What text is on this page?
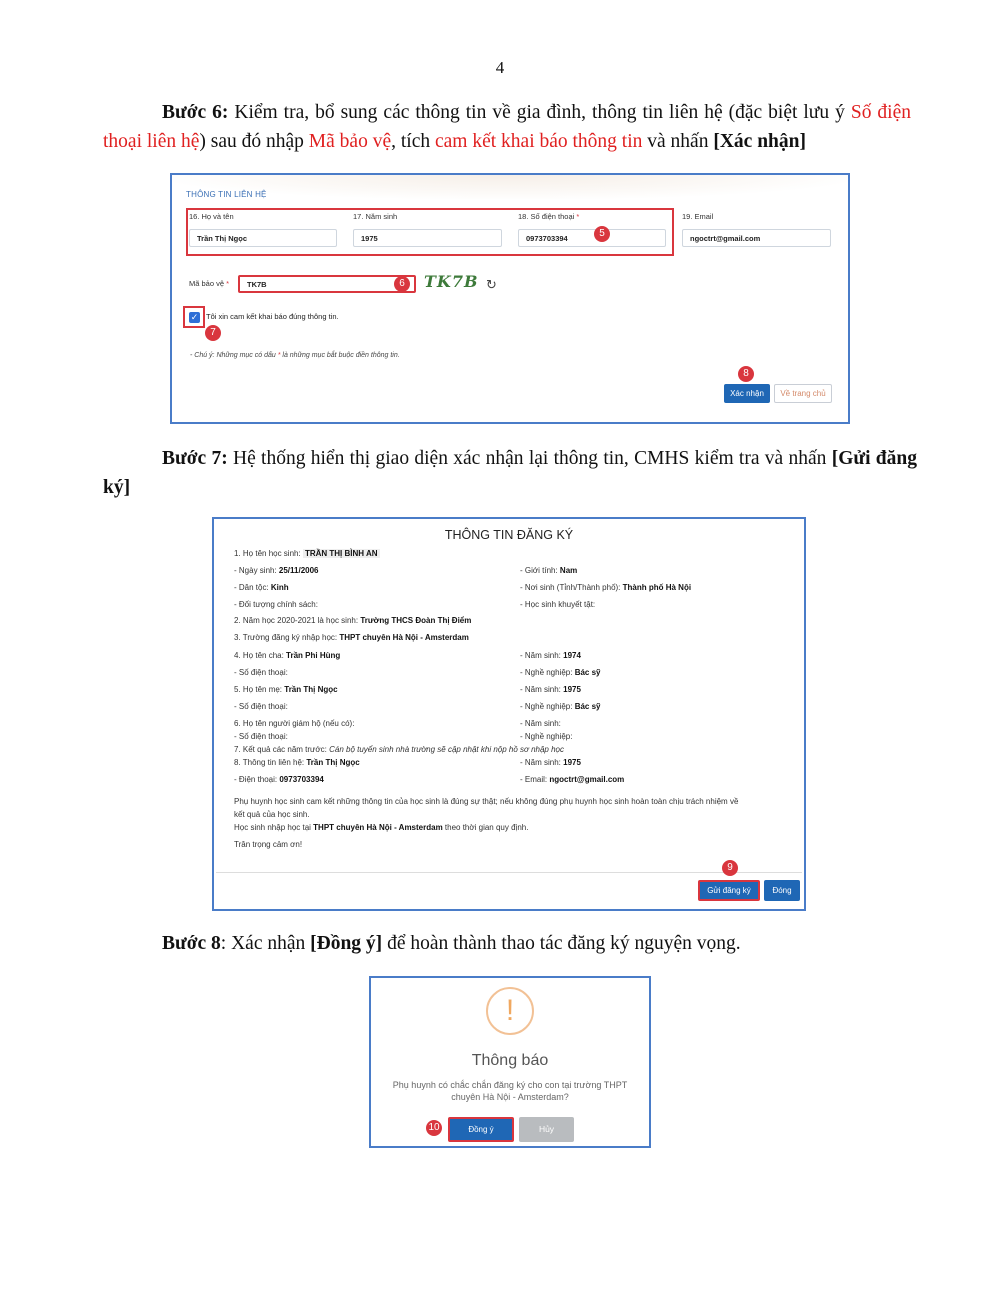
4
Bước 6: Kiểm tra, bổ sung các thông tin về gia đình, thông tin liên hệ (đặc biệt lưu ý Số điện thoại liên hệ) sau đó nhập Mã bảo vệ, tích cam kết khai báo thông tin và nhấn [Xác nhận]
THÔNG TIN LIÊN HỆ
16. Họ và tên
Trần Thị Ngọc
17. Năm sinh
1975
18. Số điện thoại *
0973703394
19. Email
ngoctrt@gmail.com
5
Mã bảo vệ *	TK7B	6	TK7B ↻
✓ Tôi xin cam kết khai báo đúng thông tin.
7
- Chú ý: Những mục có dấu * là những mục bắt buộc điền thông tin.
8
Xác nhận	Về trang chủ
Bước 7: Hệ thống hiển thị giao diện xác nhận lại thông tin, CMHS kiểm tra và nhấn [Gửi đăng ký]
THÔNG TIN ĐĂNG KÝ
1. Họ tên học sinh: TRẦN THỊ BÌNH AN
- Ngày sinh: 25/11/2006	- Giới tính: Nam
- Dân tộc: Kinh	- Nơi sinh (Tỉnh/Thành phố): Thành phố Hà Nội
- Đối tượng chính sách:	- Học sinh khuyết tật:
2. Năm học 2020-2021 là học sinh: Trường THCS Đoàn Thị Điểm
3. Trường đăng ký nhập học: THPT chuyên Hà Nội - Amsterdam
4. Họ tên cha: Trần Phi Hùng	- Năm sinh: 1974
- Số điện thoại:	- Nghề nghiệp: Bác sỹ
5. Họ tên mẹ: Trần Thị Ngọc	- Năm sinh: 1975
- Số điện thoại:	- Nghề nghiệp: Bác sỹ
6. Họ tên người giám hộ (nếu có):	- Năm sinh:
- Số điện thoại:	- Nghề nghiệp:
7. Kết quả các năm trước: Cán bộ tuyển sinh nhà trường sẽ cập nhật khi nộp hồ sơ nhập học
8. Thông tin liên hệ: Trần Thị Ngọc	- Năm sinh: 1975
- Điện thoại: 0973703394	- Email: ngoctrt@gmail.com
Phụ huynh học sinh cam kết những thông tin của học sinh là đúng sự thật; nếu không đúng phụ huynh học sinh hoàn toàn chịu trách nhiệm về
kết quả của học sinh.
Học sinh nhập học tại THPT chuyên Hà Nội - Amsterdam theo thời gian quy định.
Trân trọng cảm ơn!
9
Gửi đăng ký	Đóng
Bước 8: Xác nhận [Đồng ý] để hoàn thành thao tác đăng ký nguyện vọng.
!
Thông báo
Phụ huynh có chắc chắn đăng ký cho con tại trường THPT chuyên Hà Nội - Amsterdam?
10	Đồng ý	Hủy
